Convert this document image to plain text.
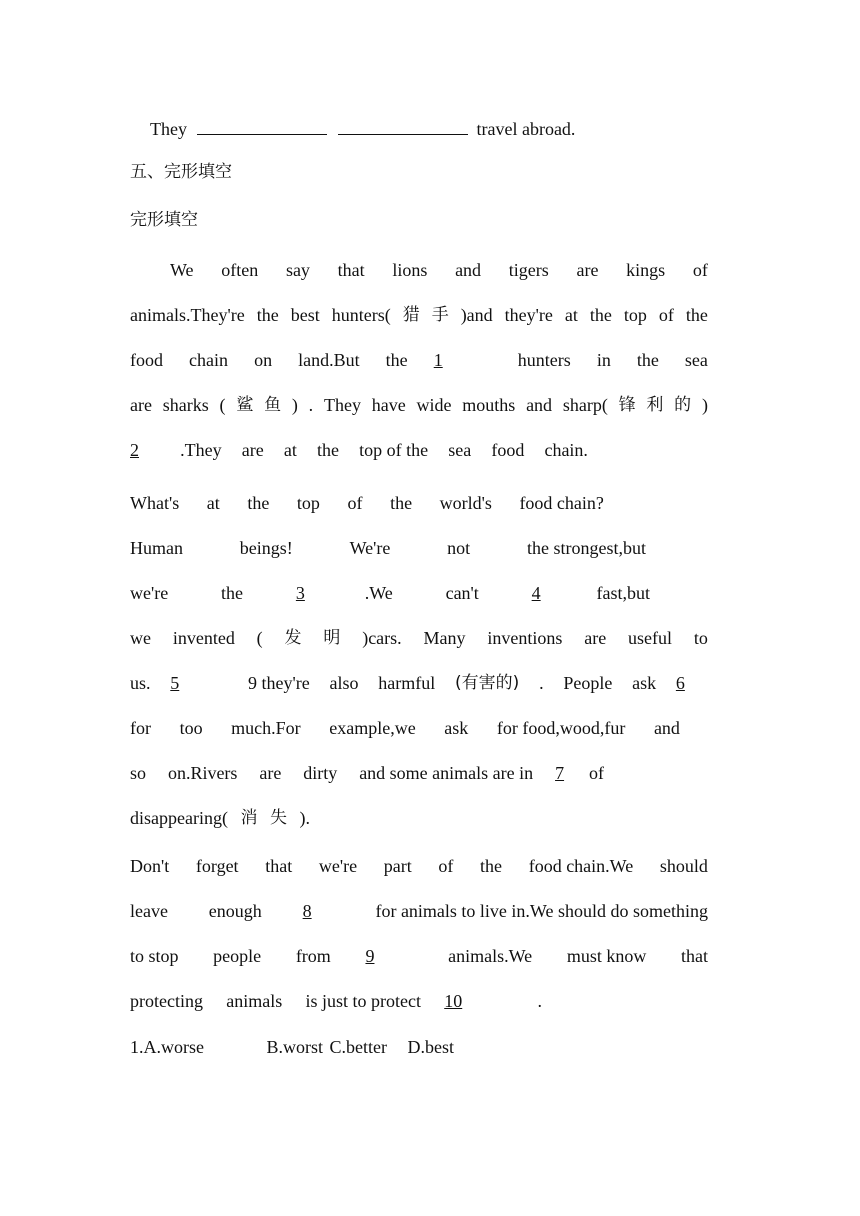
They	travel abroad.
五、完形填空
完形填空
We often say that lions and tigers are kings of
animals.They're the best hunters( 猎 手 )and they're at the top of the
food chain on land.But the 1	hunters in the sea
are sharks ( 鲨 鱼 ) . They have wide mouths and sharp( 锋 利 的 )
2	.They are at the top of the sea food chain.
What's at the top of the world's food chain?
Human	beings!	We're	not	the strongest,but
we're	the	3	.We	can't	4	fast,but
we invented ( 发 明 )cars. Many inventions are useful to
us. 5	9 they're also harmful (有害的) . People ask 6
for too much.For example,we ask for food,wood,fur and
so on.Rivers are dirty and some animals are in 7 of
disappearing( 消 失 ).
Don't forget that we're part of the food chain.We should
leave enough 8	for animals to live in.We should do something
to stop people from 9	animals.We must know that
protecting animals is just to protect 10	.
1.A.worse	B.worst C.better D.best
